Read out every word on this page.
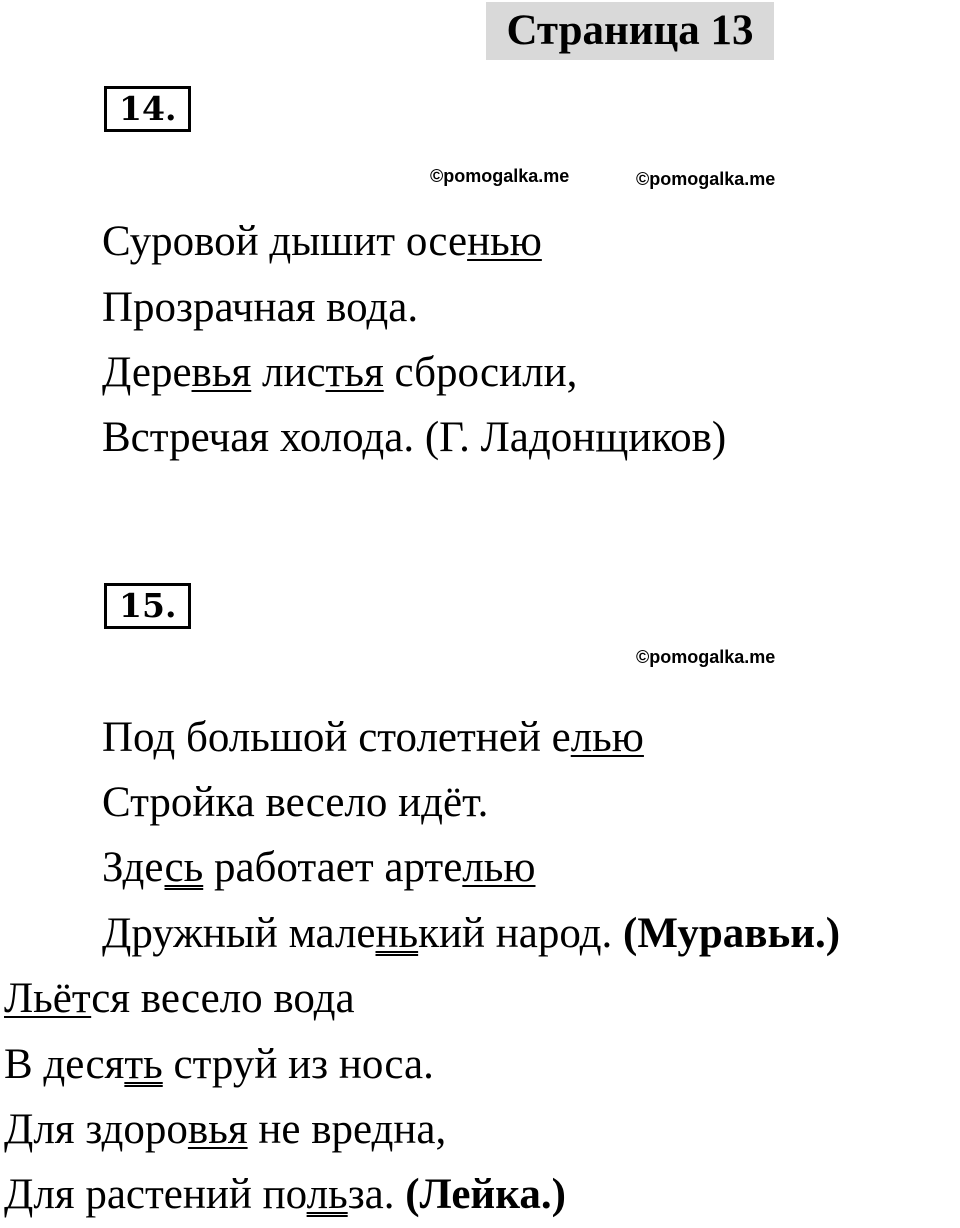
Страница 13
14.
©pomogalka.me	©pomogalka.me
Суровой дышит осенью
Прозрачная вода.
Деревья листья сбросили,
Встречая холода. (Г. Ладонщиков)
15.
©pomogalka.me
Под большой столетней елью
Стройка весело идёт.
Здесь работает артелью
Дружный маленький народ. (Муравьи.)
Льётся весело вода
В десять струй из носа.
Для здоровья не вредна,
Для растений польза. (Лейка.)
